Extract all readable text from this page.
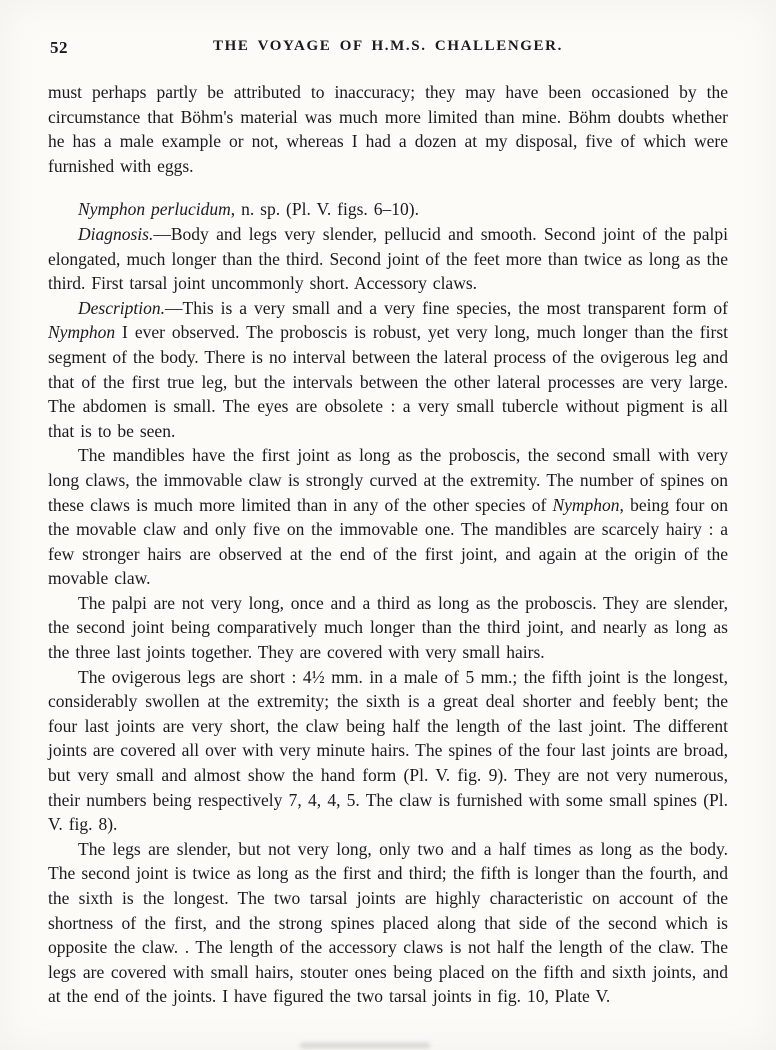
52	THE VOYAGE OF H.M.S. CHALLENGER.

must perhaps partly be attributed to inaccuracy; they may have been occasioned by the circumstance that Böhm's material was much more limited than mine. Böhm doubts whether he has a male example or not, whereas I had a dozen at my disposal, five of which were furnished with eggs.

Nymphon perlucidum, n. sp. (Pl. V. figs. 6–10).

Diagnosis.—Body and legs very slender, pellucid and smooth. Second joint of the palpi elongated, much longer than the third. Second joint of the feet more than twice as long as the third. First tarsal joint uncommonly short. Accessory claws.

Description.—This is a very small and a very fine species, the most transparent form of Nymphon I ever observed. The proboscis is robust, yet very long, much longer than the first segment of the body. There is no interval between the lateral process of the ovigerous leg and that of the first true leg, but the intervals between the other lateral processes are very large. The abdomen is small. The eyes are obsolete : a very small tubercle without pigment is all that is to be seen.

The mandibles have the first joint as long as the proboscis, the second small with very long claws, the immovable claw is strongly curved at the extremity. The number of spines on these claws is much more limited than in any of the other species of Nymphon, being four on the movable claw and only five on the immovable one. The mandibles are scarcely hairy : a few stronger hairs are observed at the end of the first joint, and again at the origin of the movable claw.

The palpi are not very long, once and a third as long as the proboscis. They are slender, the second joint being comparatively much longer than the third joint, and nearly as long as the three last joints together. They are covered with very small hairs.

The ovigerous legs are short : 4½ mm. in a male of 5 mm.; the fifth joint is the longest, considerably swollen at the extremity; the sixth is a great deal shorter and feebly bent; the four last joints are very short, the claw being half the length of the last joint. The different joints are covered all over with very minute hairs. The spines of the four last joints are broad, but very small and almost show the hand form (Pl. V. fig. 9). They are not very numerous, their numbers being respectively 7, 4, 4, 5. The claw is furnished with some small spines (Pl. V. fig. 8).

The legs are slender, but not very long, only two and a half times as long as the body. The second joint is twice as long as the first and third; the fifth is longer than the fourth, and the sixth is the longest. The two tarsal joints are highly characteristic on account of the shortness of the first, and the strong spines placed along that side of the second which is opposite the claw. . The length of the accessory claws is not half the length of the claw. The legs are covered with small hairs, stouter ones being placed on the fifth and sixth joints, and at the end of the joints. I have figured the two tarsal joints in fig. 10, Plate V.
